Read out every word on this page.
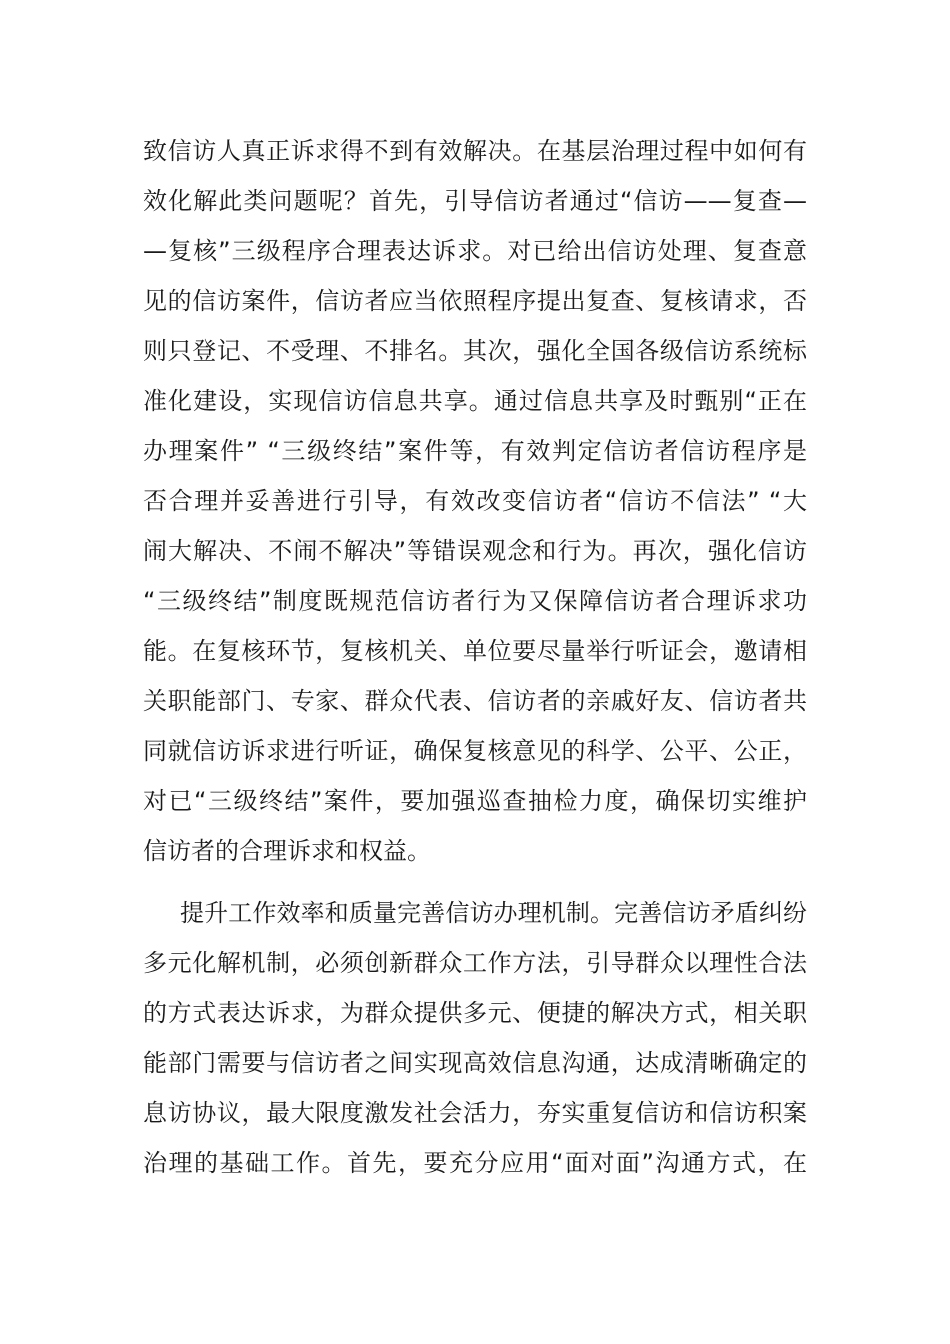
致信访人真正诉求得不到有效解决。在基层治理过程中如何有
效化解此类问题呢？首先，引导信访者通过“信访——复查—
—复核”三级程序合理表达诉求。对已给出信访处理、复查意
见的信访案件，信访者应当依照程序提出复查、复核请求，否
则只登记、不受理、不排名。其次，强化全国各级信访系统标
准化建设，实现信访信息共享。通过信息共享及时甄别“正在
办理案件” “三级终结”案件等，有效判定信访者信访程序是
否合理并妥善进行引导，有效改变信访者“信访不信法” “大
闹大解决、不闹不解决”等错误观念和行为。再次，强化信访
“三级终结”制度既规范信访者行为又保障信访者合理诉求功
能。在复核环节，复核机关、单位要尽量举行听证会，邀请相
关职能部门、专家、群众代表、信访者的亲戚好友、信访者共
同就信访诉求进行听证，确保复核意见的科学、公平、公正，
对已“三级终结”案件，要加强巡查抽检力度，确保切实维护
信访者的合理诉求和权益。
提升工作效率和质量完善信访办理机制。完善信访矛盾纠纷
多元化解机制，必须创新群众工作方法，引导群众以理性合法
的方式表达诉求，为群众提供多元、便捷的解决方式，相关职
能部门需要与信访者之间实现高效信息沟通，达成清晰确定的
息访协议，最大限度激发社会活力，夯实重复信访和信访积案
治理的基础工作。首先，要充分应用“面对面”沟通方式，在
